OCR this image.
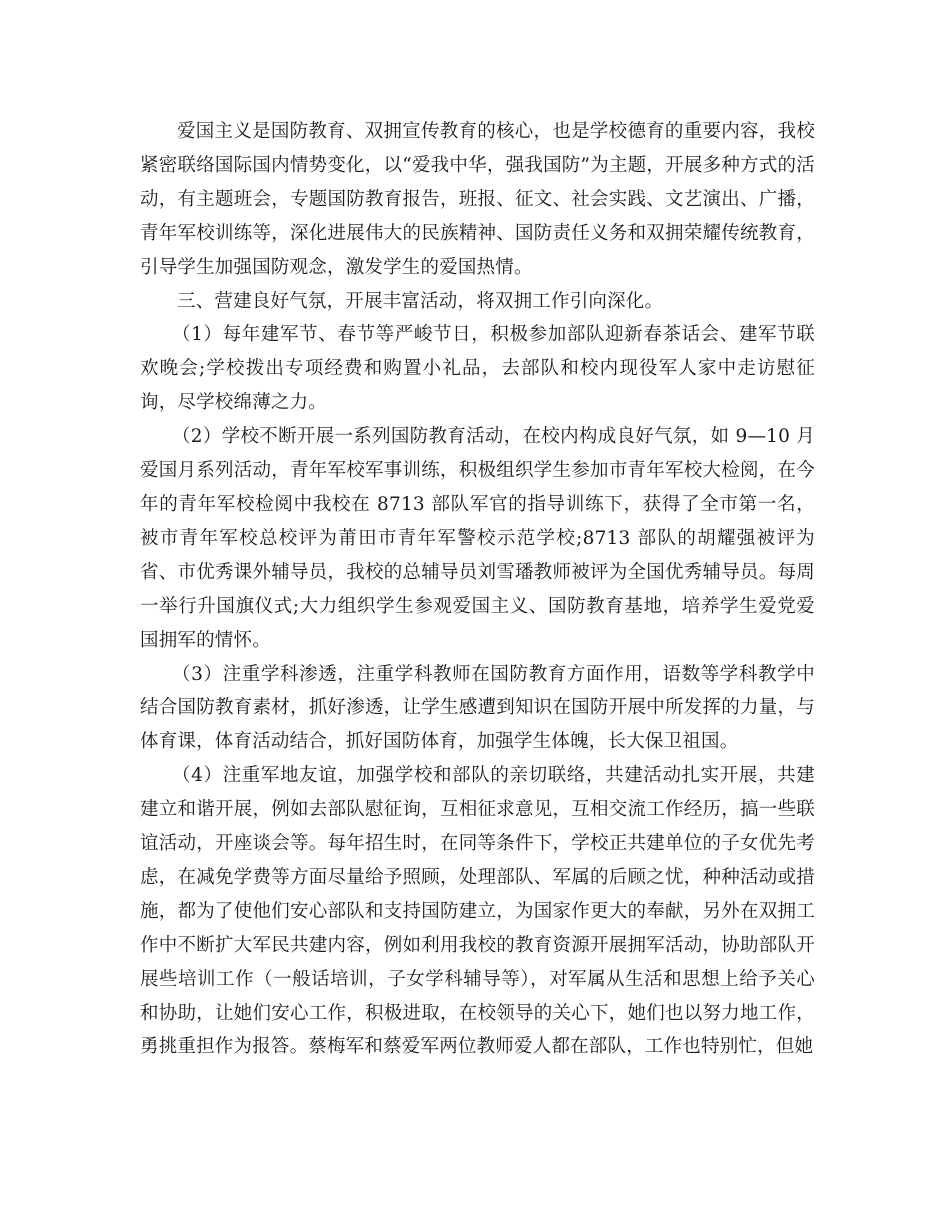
爱国主义是国防教育、双拥宣传教育的核心，也是学校德育的重要内容，我校紧密联络国际国内情势变化，以“爱我中华，强我国防”为主题，开展多种方式的活动，有主题班会，专题国防教育报告，班报、征文、社会实践、文艺演出、广播，青年军校训练等，深化进展伟大的民族精神、国防责任义务和双拥荣耀传统教育，引导学生加强国防观念，激发学生的爱国热情。

三、营建良好气氛，开展丰富活动，将双拥工作引向深化。

（1）每年建军节、春节等严峻节日，积极参加部队迎新春茶话会、建军节联欢晚会;学校拨出专项经费和购置小礼品，去部队和校内现役军人家中走访慰征询，尽学校绵薄之力。

（2）学校不断开展一系列国防教育活动，在校内构成良好气氛，如 9—10 月爱国月系列活动，青年军校军事训练，积极组织学生参加市青年军校大检阅，在今年的青年军校检阅中我校在 8713 部队军官的指导训练下，获得了全市第一名，被市青年军校总校评为莆田市青年军警校示范学校;8713 部队的胡耀强被评为省、市优秀课外辅导员，我校的总辅导员刘雪璠教师被评为全国优秀辅导员。每周一举行升国旗仪式;大力组织学生参观爱国主义、国防教育基地，培养学生爱党爱国拥军的情怀。

（3）注重学科渗透，注重学科教师在国防教育方面作用，语数等学科教学中结合国防教育素材，抓好渗透，让学生感遭到知识在国防开展中所发挥的力量，与体育课，体育活动结合，抓好国防体育，加强学生体魄，长大保卫祖国。

（4）注重军地友谊，加强学校和部队的亲切联络，共建活动扎实开展，共建建立和谐开展，例如去部队慰征询，互相征求意见，互相交流工作经历，搞一些联谊活动，开座谈会等。每年招生时，在同等条件下，学校正共建单位的子女优先考虑，在减免学费等方面尽量给予照顾，处理部队、军属的后顾之忧，种种活动或措施，都为了使他们安心部队和支持国防建立，为国家作更大的奉献，另外在双拥工作中不断扩大军民共建内容，例如利用我校的教育资源开展拥军活动，协助部队开展些培训工作（一般话培训，子女学科辅导等），对军属从生活和思想上给予关心和协助，让她们安心工作，积极进取，在校领导的关心下，她们也以努力地工作，勇挑重担作为报答。蔡梅军和蔡爱军两位教师爱人都在部队，工作也特别忙，但她
